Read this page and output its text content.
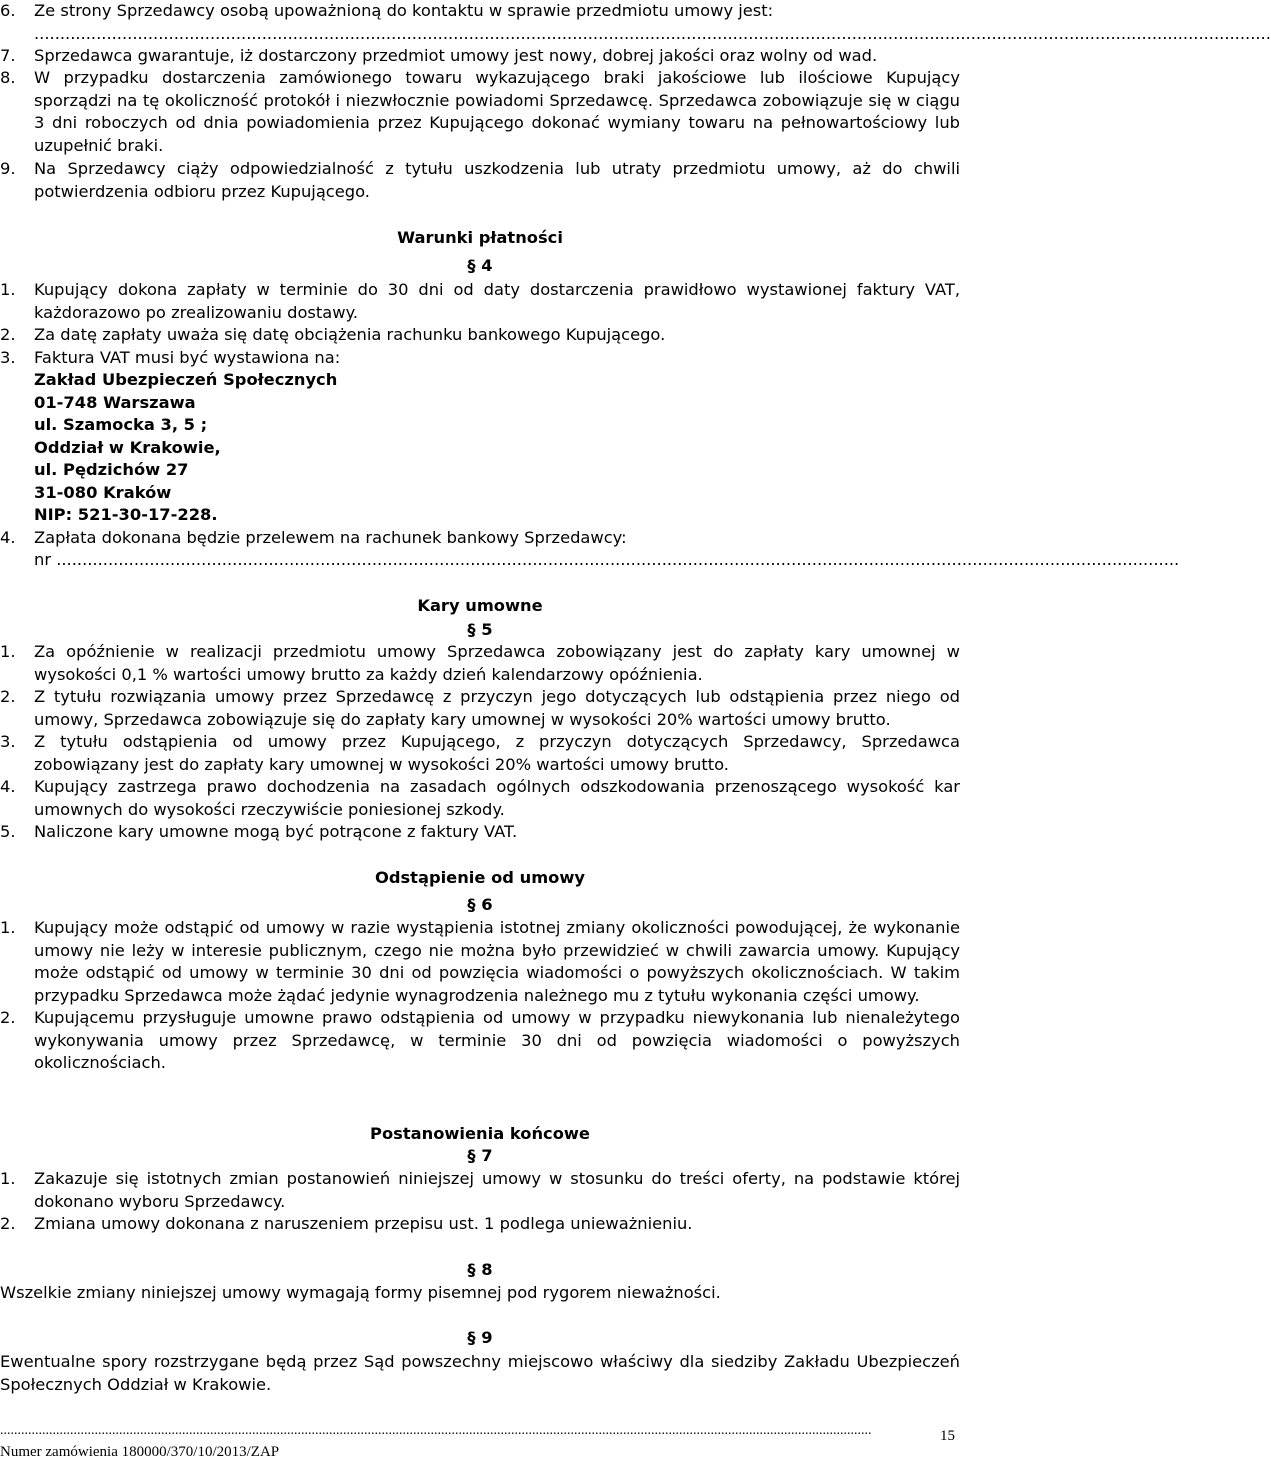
6. Ze strony Sprzedawcy osobą upoważnioną do kontaktu w sprawie przedmiotu umowy jest:
...............................................................................................................................................................................................................................................
7. Sprzedawca gwarantuje, iż dostarczony przedmiot umowy jest nowy, dobrej jakości oraz wolny od wad.
8. W przypadku dostarczenia zamówionego towaru wykazującego braki jakościowe lub ilościowe Kupujący sporządzi na tę okoliczność protokół i niezwłocznie powiadomi Sprzedawcę. Sprzedawca zobowiązuje się w ciągu 3 dni roboczych od dnia powiadomienia przez Kupującego dokonać wymiany towaru na pełnowartościowy lub uzupełnić braki.
9. Na Sprzedawcy ciąży odpowiedzialność z tytułu uszkodzenia lub utraty przedmiotu umowy, aż do chwili potwierdzenia odbioru przez Kupującego.
Warunki płatności
§ 4
1. Kupujący dokona zapłaty w terminie do 30 dni od daty dostarczenia prawidłowo wystawionej faktury VAT, każdorazowo po zrealizowaniu dostawy.
2. Za datę zapłaty uważa się datę obciążenia rachunku bankowego Kupującego.
3. Faktura VAT musi być wystawiona na:
Zakład Ubezpieczeń Społecznych
01-748 Warszawa
ul. Szamocka 3, 5 ;
Oddział w Krakowie,
ul. Pędzichów 27
31-080 Kraków
NIP: 521-30-17-228.
4. Zapłata dokonana będzie przelewem na rachunek bankowy Sprzedawcy:
nr .........................................................................................................................................................................................................................
Kary umowne
§ 5
1. Za opóźnienie w realizacji przedmiotu umowy Sprzedawca zobowiązany jest do zapłaty kary umownej w wysokości 0,1 % wartości umowy brutto za każdy dzień kalendarzowy opóźnienia.
2. Z tytułu rozwiązania umowy przez Sprzedawcę z przyczyn jego dotyczących lub odstąpienia przez niego od umowy, Sprzedawca zobowiązuje się do zapłaty kary umownej w wysokości 20% wartości umowy brutto.
3. Z tytułu odstąpienia od umowy przez Kupującego, z przyczyn dotyczących Sprzedawcy, Sprzedawca zobowiązany jest do zapłaty kary umownej w wysokości 20% wartości umowy brutto.
4. Kupujący zastrzega prawo dochodzenia na zasadach ogólnych odszkodowania przenoszącego wysokość kar umownych do wysokości rzeczywiście poniesionej szkody.
5. Naliczone kary umowne mogą być potrącone z faktury VAT.
Odstąpienie od umowy
§ 6
1. Kupujący może odstąpić od umowy w razie wystąpienia istotnej zmiany okoliczności powodującej, że wykonanie umowy nie leży w interesie publicznym, czego nie można było przewidzieć w chwili zawarcia umowy. Kupujący może odstąpić od umowy w terminie 30 dni od powzięcia wiadomości o powyższych okolicznościach. W takim przypadku Sprzedawca może żądać jedynie wynagrodzenia należnego mu z tytułu wykonania części umowy.
2. Kupującemu przysługuje umowne prawo odstąpienia od umowy w przypadku niewykonania lub nienależytego wykonywania umowy przez Sprzedawcę, w terminie 30 dni od powzięcia wiadomości o powyższych okolicznościach.
Postanowienia końcowe
§ 7
1. Zakazuje się istotnych zmian postanowień niniejszej umowy w stosunku do treści oferty, na podstawie której dokonano wyboru Sprzedawcy.
2. Zmiana umowy dokonana z naruszeniem przepisu ust. 1 podlega unieważnieniu.
§ 8
Wszelkie zmiany niniejszej umowy wymagają formy pisemnej pod rygorem nieważności.
§ 9
Ewentualne spory rozstrzygane będą przez Sąd powszechny miejscowo właściwy dla siedziby Zakładu Ubezpieczeń Społecznych Oddział w Krakowie.
.........................................................................................................................................................................................................................................................
Numer zamówienia 180000/370/10/2013/ZAP
15
